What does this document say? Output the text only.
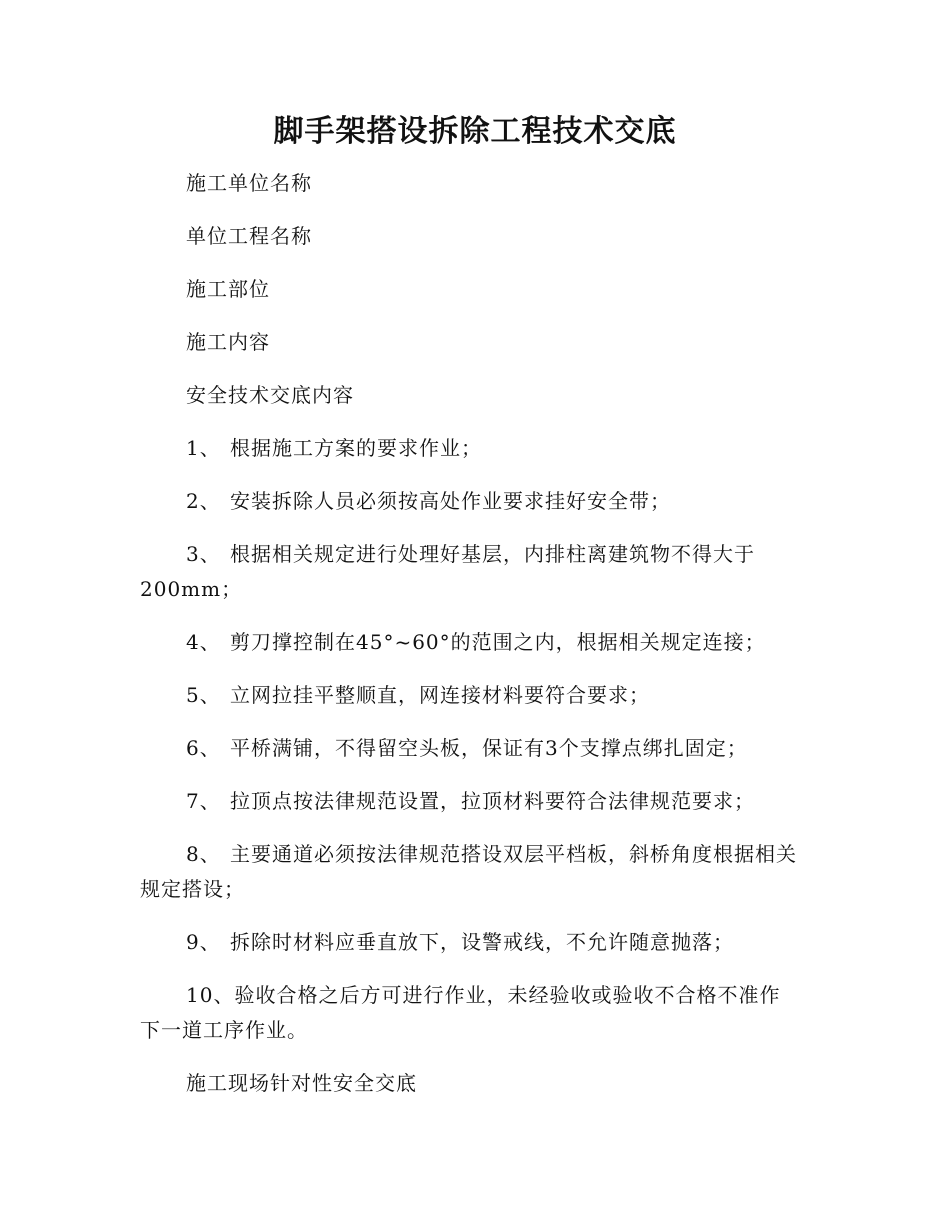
脚手架搭设拆除工程技术交底

施工单位名称

单位工程名称

施工部位

施工内容

安全技术交底内容

1、 根据施工方案的要求作业；

2、 安装拆除人员必须按高处作业要求挂好安全带；

3、 根据相关规定进行处理好基层，内排柱离建筑物不得大于200mm；

4、 剪刀撑控制在45°~60°的范围之内，根据相关规定连接；

5、 立网拉挂平整顺直，网连接材料要符合要求；

6、 平桥满铺，不得留空头板，保证有3个支撑点绑扎固定；

7、 拉顶点按法律规范设置，拉顶材料要符合法律规范要求；

8、 主要通道必须按法律规范搭设双层平档板，斜桥角度根据相关规定搭设；

9、 拆除时材料应垂直放下，设警戒线，不允许随意抛落；

10、验收合格之后方可进行作业，未经验收或验收不合格不准作下一道工序作业。

施工现场针对性安全交底
